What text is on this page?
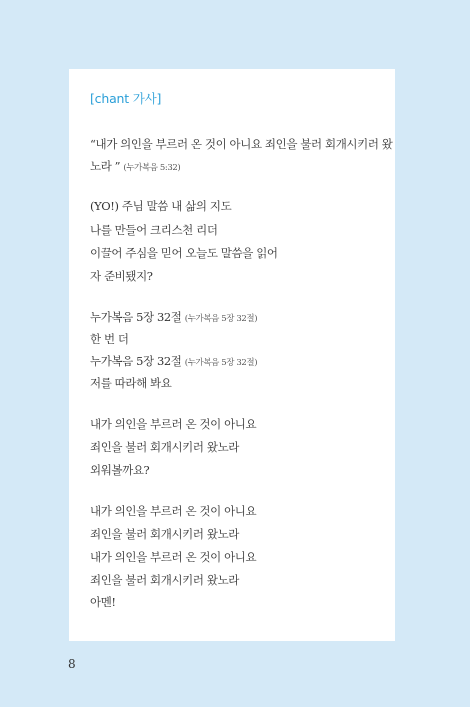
[chant 가사]
“내가 의인을 부르러 온 것이 아니요 죄인을 불러 회개시키러 왔
노라 ” (누가복음 5:32)
(YO!) 주님 말씀 내 삶의 지도
나를 만들어 크리스천 리더
이끌어 주심을 믿어 오늘도 말씀을 읽어
자 준비됐지?
누가복음 5장 32절 (누가복음 5장 32절)
한 번 더
누가복음 5장 32절 (누가복음 5장 32절)
저를 따라해 봐요
내가 의인을 부르러 온 것이 아니요
죄인을 불러 회개시키러 왔노라
외워볼까요?
내가 의인을 부르러 온 것이 아니요
죄인을 불러 회개시키러 왔노라
내가 의인을 부르러 온 것이 아니요
죄인을 불러 회개시키러 왔노라
아멘!
8
